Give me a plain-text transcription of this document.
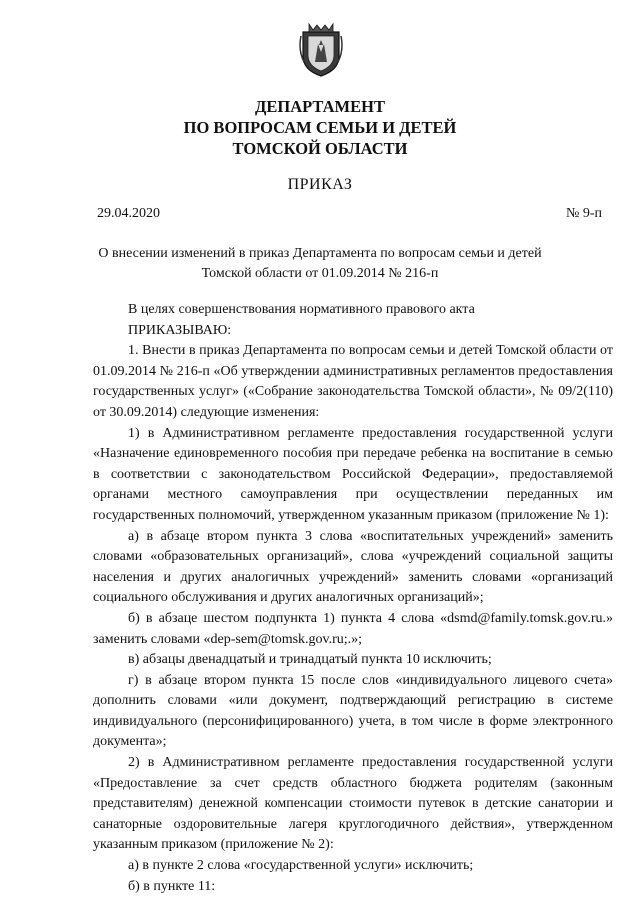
ДЕПАРТАМЕНТ
ПО ВОПРОСАМ СЕМЬИ И ДЕТЕЙ
ТОМСКОЙ ОБЛАСТИ
ПРИКАЗ
29.04.2020	№ 9-п
О внесении изменений в приказ Департамента по вопросам семьи и детей
Томской области от 01.09.2014 № 216-п

В целях совершенствования нормативного правового акта

ПРИКАЗЫВАЮ:

1. Внести в приказ Департамента по вопросам семьи и детей Томской области от 01.09.2014 № 216-п «Об утверждении административных регламентов предоставления государственных услуг» («Собрание законодательства Томской области», № 09/2(110) от 30.09.2014) следующие изменения:

1) в Административном регламенте предоставления государственной услуги «Назначение единовременного пособия при передаче ребенка на воспитание в семью в соответствии с законодательством Российской Федерации», предоставляемой органами местного самоуправления при осуществлении переданных им государственных полномочий, утвержденном указанным приказом (приложение № 1):

а) в абзаце втором пункта 3 слова «воспитательных учреждений» заменить словами «образовательных организаций», слова «учреждений социальной защиты населения и других аналогичных учреждений» заменить словами «организаций социального обслуживания и других аналогичных организаций»;

б) в абзаце шестом подпункта 1) пункта 4 слова «dsmd@family.tomsk.gov.ru.» заменить словами «dep-sem@tomsk.gov.ru;.»;

в) абзацы двенадцатый и тринадцатый пункта 10 исключить;

г) в абзаце втором пункта 15 после слов «индивидуального лицевого счета» дополнить словами «или документ, подтверждающий регистрацию в системе индивидуального (персонифицированного) учета, в том числе в форме электронного документа»;

2) в Административном регламенте предоставления государственной услуги «Предоставление за счет средств областного бюджета родителям (законным представителям) денежной компенсации стоимости путевок в детские санатории и санаторные оздоровительные лагеря круглогодичного действия», утвержденном указанным приказом (приложение № 2):

а) в пункте 2 слова «государственной услуги» исключить;

б) в пункте 11:
